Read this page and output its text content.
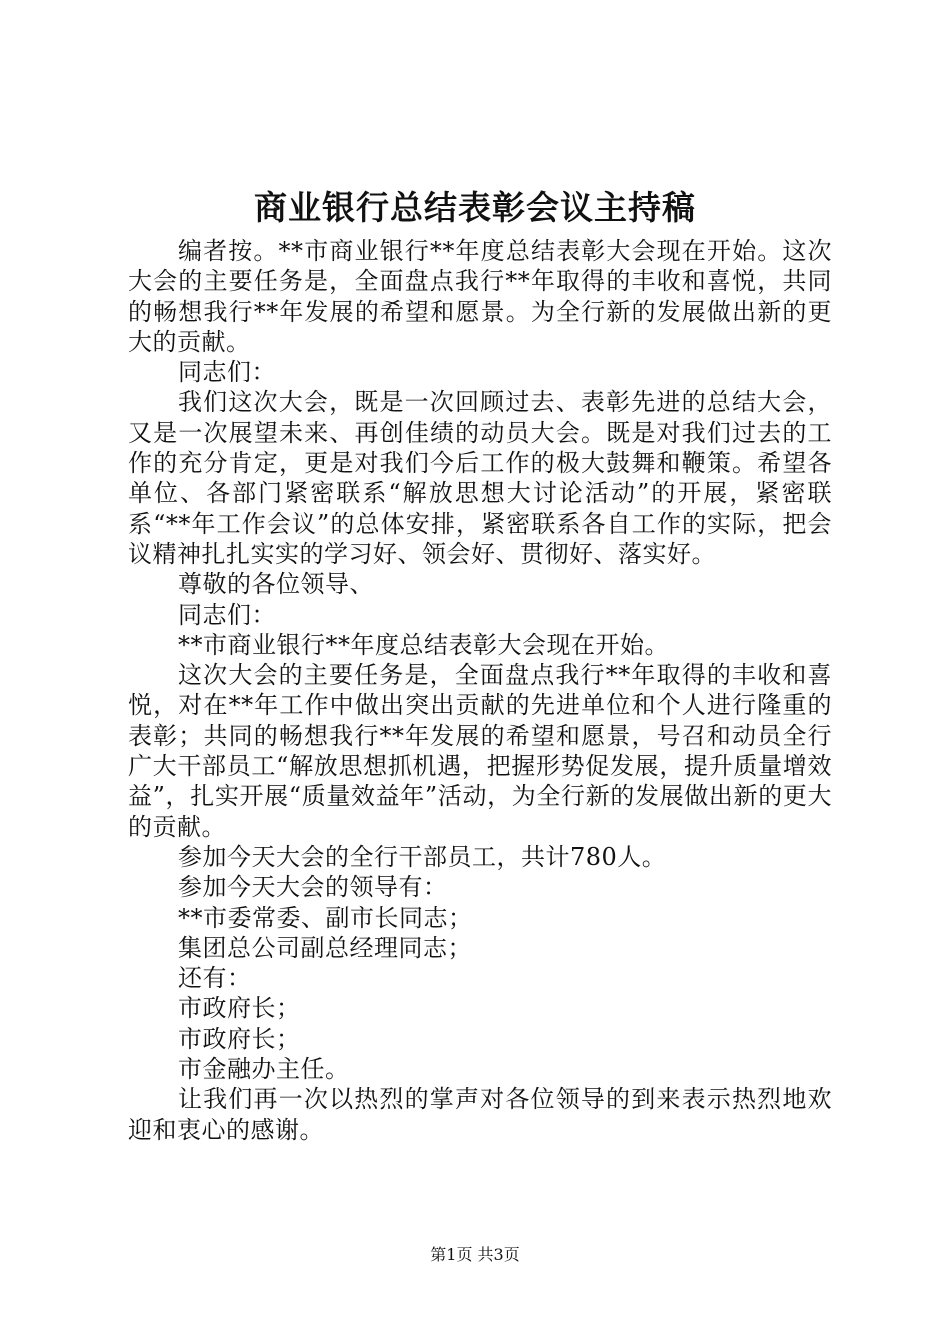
商业银行总结表彰会议主持稿

编者按。**市商业银行**年度总结表彰大会现在开始。这次大会的主要任务是，全面盘点我行**年取得的丰收和喜悦，共同的畅想我行**年发展的希望和愿景。为全行新的发展做出新的更大的贡献。

同志们：

我们这次大会，既是一次回顾过去、表彰先进的总结大会，又是一次展望未来、再创佳绩的动员大会。既是对我们过去的工作的充分肯定，更是对我们今后工作的极大鼓舞和鞭策。希望各单位、各部门紧密联系“解放思想大讨论活动”的开展，紧密联系“**年工作会议”的总体安排，紧密联系各自工作的实际，把会议精神扎扎实实的学习好、领会好、贯彻好、落实好。

尊敬的各位领导、

同志们：

**市商业银行**年度总结表彰大会现在开始。

这次大会的主要任务是，全面盘点我行**年取得的丰收和喜悦，对在**年工作中做出突出贡献的先进单位和个人进行隆重的表彰；共同的畅想我行**年发展的希望和愿景，号召和动员全行广大干部员工“解放思想抓机遇，把握形势促发展，提升质量增效益”，扎实开展“质量效益年”活动，为全行新的发展做出新的更大的贡献。

参加今天大会的全行干部员工，共计780人。

参加今天大会的领导有：

**市委常委、副市长同志；

集团总公司副总经理同志；

还有：

市政府长；

市政府长；

市金融办主任。

让我们再一次以热烈的掌声对各位领导的到来表示热烈地欢迎和衷心的感谢。

第1页 共3页
